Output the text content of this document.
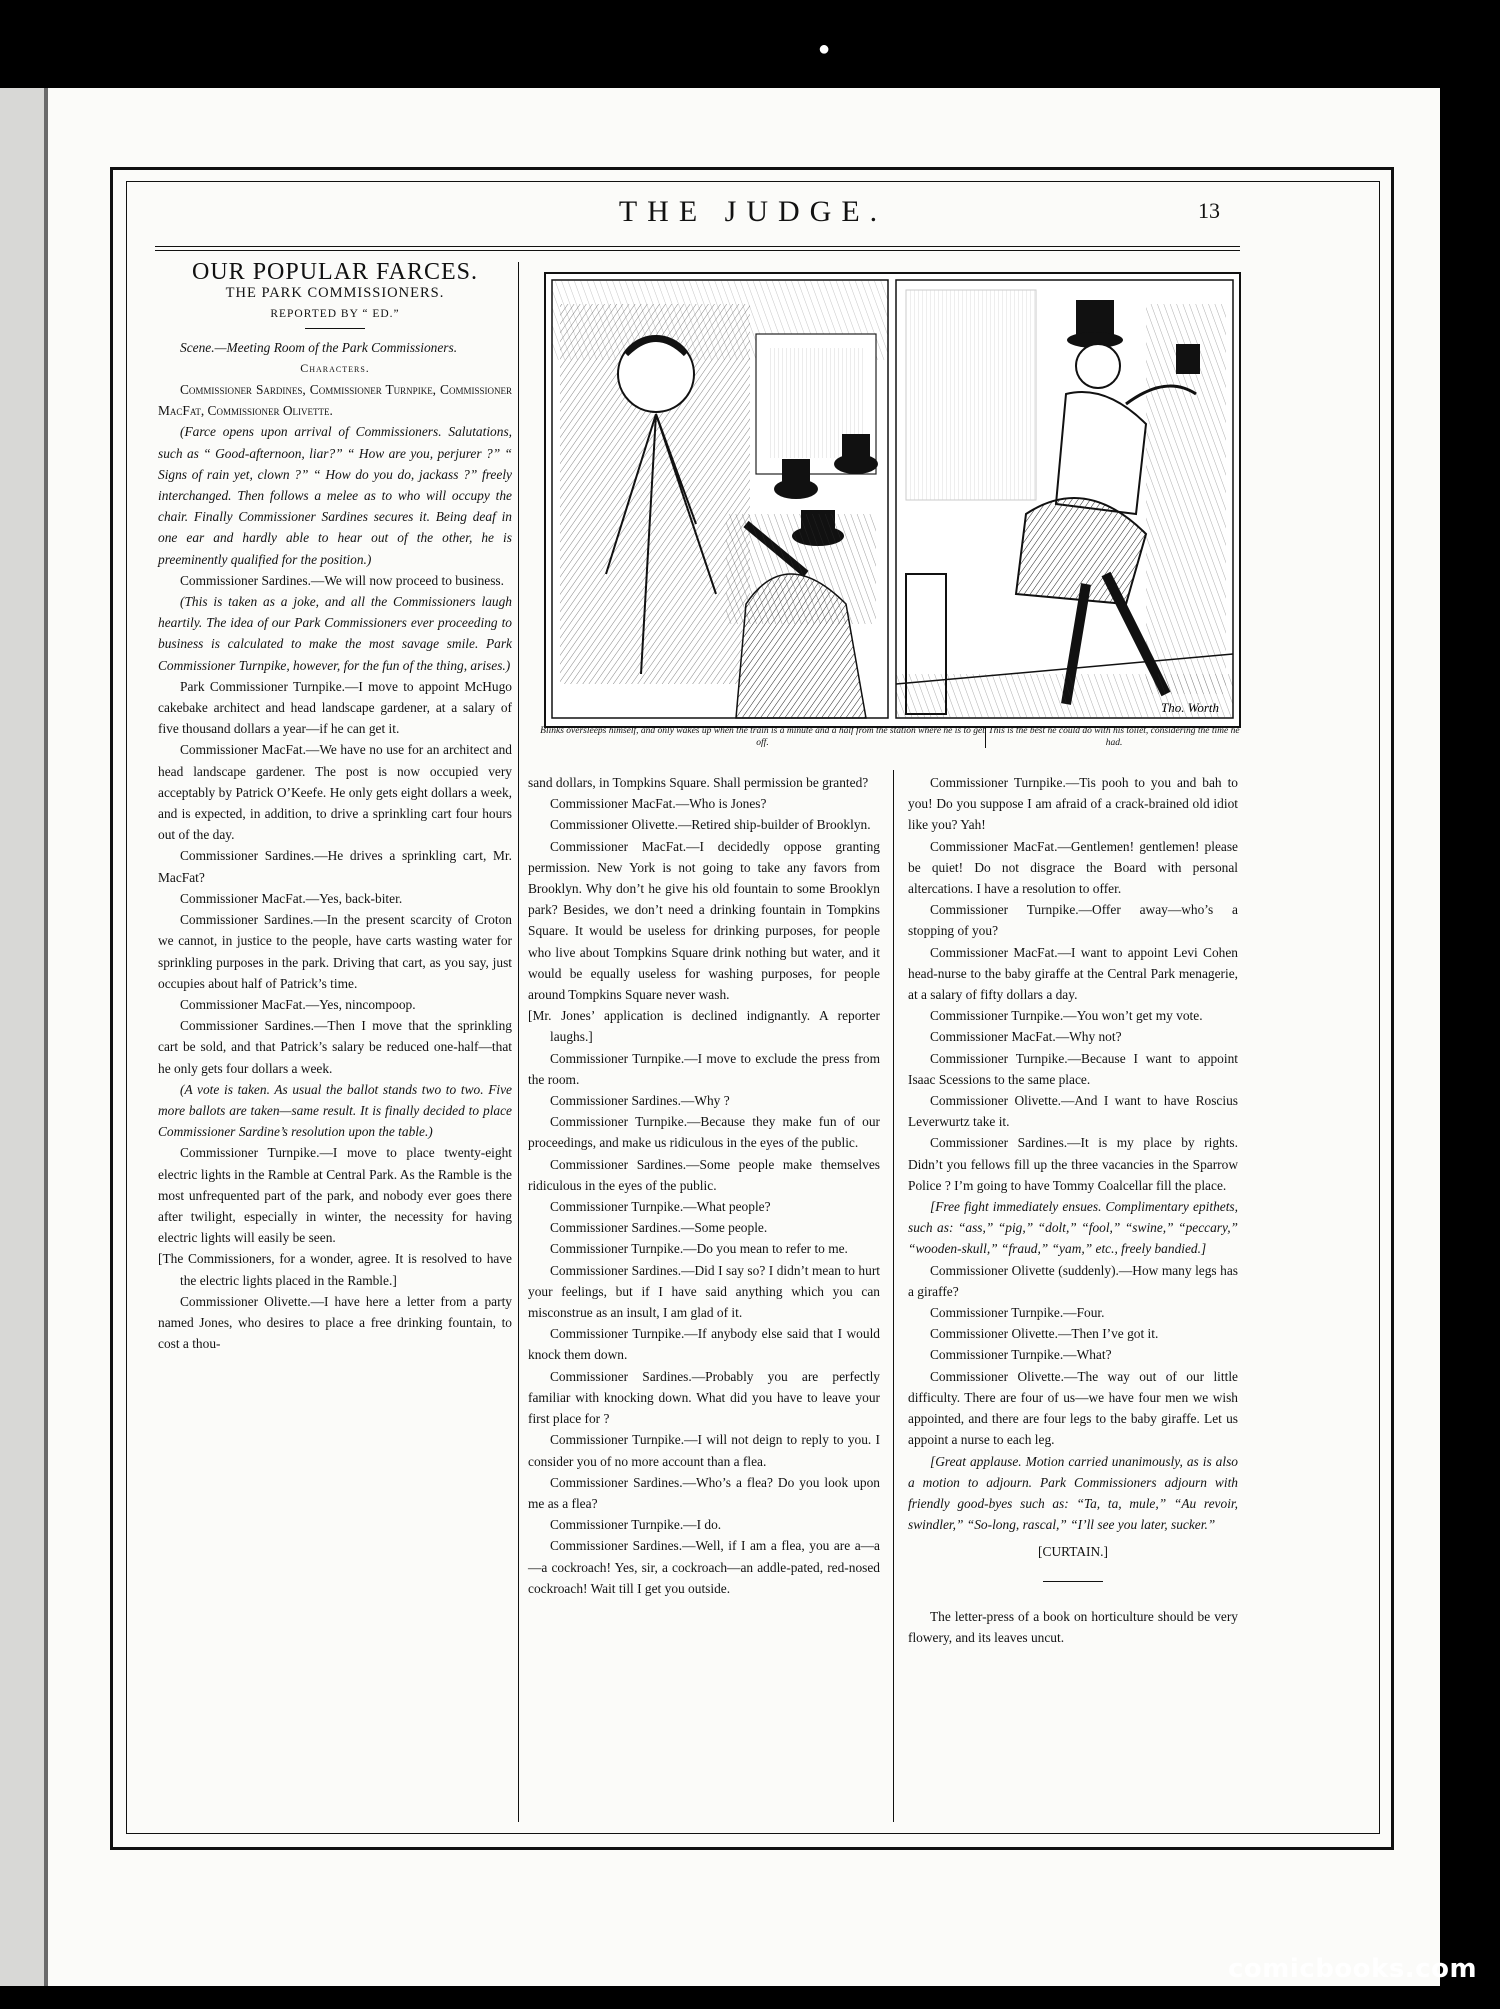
●
THE JUDGE.	13
Tho. Worth
Blinks oversleeps himself, and only wakes up when the train is a minute and a half from the station where he is to get off.
This is the best he could do with his toilet, considering the time he had.

OUR POPULAR FARCES.

THE PARK COMMISSIONERS.

REPORTED BY “ ED.”

Scene.—Meeting Room of the Park Commissioners.

Characters.

Commissioner Sardines, Commissioner Turnpike, Commissioner MacFat, Commissioner Olivette.

(Farce opens upon arrival of Commissioners. Salutations, such as “ Good-afternoon, liar?” “ How are you, perjurer ?” “ Signs of rain yet, clown ?” “ How do you do, jackass ?” freely interchanged. Then follows a melee as to who will occupy the chair. Finally Commissioner Sardines secures it. Being deaf in one ear and hardly able to hear out of the other, he is preeminently qualified for the position.)

Commissioner Sardines.—We will now proceed to business.

(This is taken as a joke, and all the Commissioners laugh heartily. The idea of our Park Commissioners ever proceeding to business is calculated to make the most savage smile. Park Commissioner Turnpike, however, for the fun of the thing, arises.)

Park Commissioner Turnpike.—I move to appoint McHugo cakebake architect and head landscape gardener, at a salary of five thousand dollars a year—if he can get it.

Commissioner MacFat.—We have no use for an architect and head landscape gardener. The post is now occupied very acceptably by Patrick O’Keefe. He only gets eight dollars a week, and is expected, in addition, to drive a sprinkling cart four hours out of the day.

Commissioner Sardines.—He drives a sprinkling cart, Mr. MacFat?

Commissioner MacFat.—Yes, back-biter.

Commissioner Sardines.—In the present scarcity of Croton we cannot, in justice to the people, have carts wasting water for sprinkling purposes in the park. Driving that cart, as you say, just occupies about half of Patrick’s time.

Commissioner MacFat.—Yes, nincompoop.

Commissioner Sardines.—Then I move that the sprinkling cart be sold, and that Patrick’s salary be reduced one-half—that he only gets four dollars a week.

(A vote is taken. As usual the ballot stands two to two. Five more ballots are taken—same result. It is finally decided to place Commissioner Sardine’s resolution upon the table.)

Commissioner Turnpike.—I move to place twenty-eight electric lights in the Ramble at Central Park. As the Ramble is the most unfrequented part of the park, and nobody ever goes there after twilight, especially in winter, the necessity for having electric lights will easily be seen.

[The Commissioners, for a wonder, agree. It is resolved to have the electric lights placed in the Ramble.]

Commissioner Olivette.—I have here a letter from a party named Jones, who desires to place a free drinking fountain, to cost a thou-

sand dollars, in Tompkins Square. Shall permission be granted?

Commissioner MacFat.—Who is Jones?

Commissioner Olivette.—Retired ship-builder of Brooklyn.

Commissioner MacFat.—I decidedly oppose granting permission. New York is not going to take any favors from Brooklyn. Why don’t he give his old fountain to some Brooklyn park? Besides, we don’t need a drinking fountain in Tompkins Square. It would be useless for drinking purposes, for people who live about Tompkins Square drink nothing but water, and it would be equally useless for washing purposes, for people around Tompkins Square never wash.

[Mr. Jones’ application is declined indignantly. A reporter laughs.]

Commissioner Turnpike.—I move to exclude the press from the room.

Commissioner Sardines.—Why ?

Commissioner Turnpike.—Because they make fun of our proceedings, and make us ridiculous in the eyes of the public.

Commissioner Sardines.—Some people make themselves ridiculous in the eyes of the public.

Commissioner Turnpike.—What people?

Commissioner Sardines.—Some people.

Commissioner Turnpike.—Do you mean to refer to me.

Commissioner Sardines.—Did I say so? I didn’t mean to hurt your feelings, but if I have said anything which you can misconstrue as an insult, I am glad of it.

Commissioner Turnpike.—If anybody else said that I would knock them down.

Commissioner Sardines.—Probably you are perfectly familiar with knocking down. What did you have to leave your first place for ?

Commissioner Turnpike.—I will not deign to reply to you. I consider you of no more account than a flea.

Commissioner Sardines.—Who’s a flea? Do you look upon me as a flea?

Commissioner Turnpike.—I do.

Commissioner Sardines.—Well, if I am a flea, you are a—a—a cockroach! Yes, sir, a cockroach—an addle-pated, red-nosed cockroach! Wait till I get you outside.

Commissioner Turnpike.—Tis pooh to you and bah to you! Do you suppose I am afraid of a crack-brained old idiot like you? Yah!

Commissioner MacFat.—Gentlemen! gentlemen! please be quiet! Do not disgrace the Board with personal altercations. I have a resolution to offer.

Commissioner Turnpike.—Offer away—who’s a stopping of you?

Commissioner MacFat.—I want to appoint Levi Cohen head-nurse to the baby giraffe at the Central Park menagerie, at a salary of fifty dollars a day.

Commissioner Turnpike.—You won’t get my vote.

Commissioner MacFat.—Why not?

Commissioner Turnpike.—Because I want to appoint Isaac Scessions to the same place.

Commissioner Olivette.—And I want to have Roscius Leverwurtz take it.

Commissioner Sardines.—It is my place by rights. Didn’t you fellows fill up the three vacancies in the Sparrow Police ? I’m going to have Tommy Coalcellar fill the place.

[Free fight immediately ensues. Complimentary epithets, such as: “ass,” “pig,” “dolt,” “fool,” “swine,” “peccary,” “wooden-skull,” “fraud,” “yam,” etc., freely bandied.]

Commissioner Olivette (suddenly).—How many legs has a giraffe?

Commissioner Turnpike.—Four.

Commissioner Olivette.—Then I’ve got it.

Commissioner Turnpike.—What?

Commissioner Olivette.—The way out of our little difficulty. There are four of us—we have four men we wish appointed, and there are four legs to the baby giraffe. Let us appoint a nurse to each leg.

[Great applause. Motion carried unanimously, as is also a motion to adjourn. Park Commissioners adjourn with friendly good-byes such as: “Ta, ta, mule,” “Au revoir, swindler,” “So-long, rascal,” “I’ll see you later, sucker.”

[CURTAIN.]

The letter-press of a book on horticulture should be very flowery, and its leaves uncut.

comicbooks.com
